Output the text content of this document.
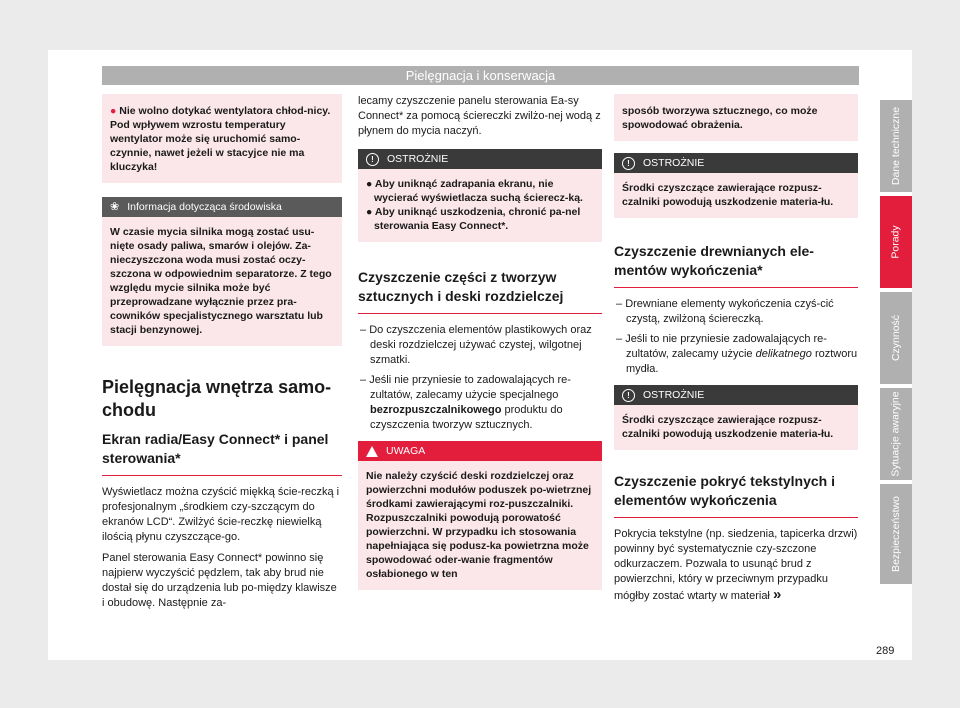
Pielęgnacja i konserwacja
● Nie wolno dotykać wentylatora chłod-nicy. Pod wpływem wzrostu temperatury wentylator może się uruchomić samo-czynnie, nawet jeżeli w stacyjce nie ma kluczyka!
❀ Informacja dotycząca środowiska
W czasie mycia silnika mogą zostać usu-nięte osady paliwa, smarów i olejów. Za-nieczyszczona woda musi zostać oczy-szczona w odpowiednim separatorze. Z tego względu mycie silnika może być przeprowadzane wyłącznie przez pra-cowników specjalistycznego warsztatu lub stacji benzynowej.
Pielęgnacja wnętrza samo-chodu
Ekran radia/Easy Connect* i panel sterowania*

Wyświetlacz można czyścić miękką ście-reczką i profesjonalnym „środkiem czy-szczącym do ekranów LCD“. Zwilżyć ście-reczkę niewielką ilością płynu czyszczące-go.

Panel sterowania Easy Connect* powinno się najpierw wyczyścić pędzlem, tak aby brud nie dostał się do urządzenia lub po-między klawisze i obudowę. Następnie za-

lecamy czyszczenie panelu sterowania Ea-sy Connect* za pomocą ściereczki zwilżo-nej wodą z płynem do mycia naczyń.

!	OSTROŻNIE
● Aby uniknąć zadrapania ekranu, nie wycierać wyświetlacza suchą ścierecz-ką.
● Aby uniknąć uszkodzenia, chronić pa-nel sterowania Easy Connect*.
Czyszczenie części z tworzyw sztucznych i deski rozdzielczej

– Do czyszczenia elementów plastikowych oraz deski rozdzielczej używać czystej, wilgotnej szmatki.

– Jeśli nie przyniesie to zadowalających re-zultatów, zalecamy użycie specjalnego bezrozpuszczalnikowego produktu do czyszczenia tworzyw sztucznych.

UWAGA
Nie należy czyścić deski rozdzielczej oraz powierzchni modułów poduszek po-wietrznej środkami zawierającymi roz-puszczalniki. Rozpuszczalniki powodują porowatość powierzchni. W przypadku ich stosowania napełniająca się podusz-ka powietrzna może spowodować oder-wanie fragmentów osłabionego w ten
sposób tworzywa sztucznego, co może spowodować obrażenia.
!	OSTROŻNIE
Środki czyszczące zawierające rozpusz-czalniki powodują uszkodzenie materia-łu.
Czyszczenie drewnianych ele-mentów wykończenia*

– Drewniane elementy wykończenia czyś-cić czystą, zwilżoną ściereczką.

– Jeśli to nie przyniesie zadowalających re-zultatów, zalecamy użycie delikatnego roztworu mydła.

!	OSTROŻNIE
Środki czyszczące zawierające rozpusz-czalniki powodują uszkodzenie materia-łu.
Czyszczenie pokryć tekstylnych i elementów wykończenia

Pokrycia tekstylne (np. siedzenia, tapicerka drzwi) powinny być systematycznie czy-szczone odkurzaczem. Pozwala to usunąć brud z powierzchni, który w przeciwnym przypadku mógłby zostać wtarty w materiał »

Dane techniczne
Porady
Czynność
Sytuacje awaryjne
Bezpieczeństwo
289
